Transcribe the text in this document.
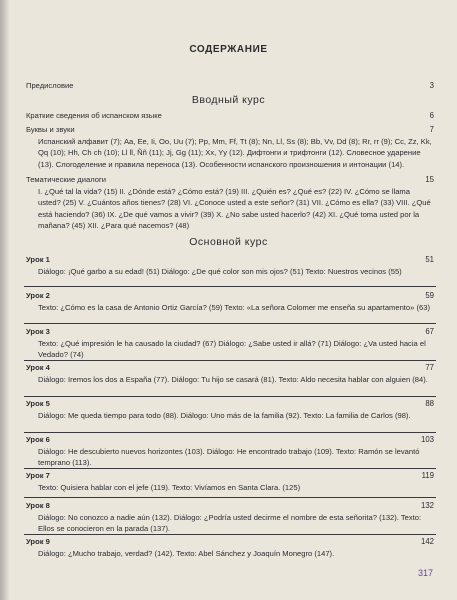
СОДЕРЖАНИЕ
Предисловие	3
Вводный курс
Краткие сведения об испанском языке	6
Буквы и звуки
Испанский алфавит (7); Aa, Ee, Ii, Oo, Uu (7); Pp, Mm, Ff, Tt (8); Nn, Ll, Ss (8); Bb, Vv, Dd (8); Rr, rr (9); Cc, Zz, Kk, Qq (10); Hh, Ch ch (10); Ll ll, Ññ (11); Jj, Gg (11); Xx, Yy (12). Дифтонги и трифтонги (12). Словесное ударение (13). Слогоделение и правила переноса (13). Особенности испанского произношения и интонации (14).
7
Тематические диалоги
I. ¿Qué tal la vida? (15) II. ¿Dónde está? ¿Cómo está? (19) III. ¿Quién es? ¿Qué es? (22) IV. ¿Cómo se llama usted? (25) V. ¿Cuántos años tienes? (28) VI. ¿Conoce usted a este señor? (31) VII. ¿Cómo es ella? (33) VIII. ¿Qué está haciendo? (36) IX. ¿De qué vamos a vivir? (39) X. ¿No sabe usted hacerlo? (42) XI. ¿Qué toma usted por la mañana? (45) XII. ¿Para qué nacemos? (48)
15
Основной курс
Урок 1
Diálogo: ¡Qué garbo a su edad! (51) Diálogo: ¿De qué color son mis ojos? (51) Texto: Nuestros vecinos (55)
51
Урок 2
Texto: ¿Cómo es la casa de Antonio Ortiz García? (59) Texto: «La señora Colomer me enseña su apartamento» (63)
59
Урок 3
Texto: ¿Qué impresión le ha causado la ciudad? (67) Diálogo: ¿Sabe usted ir allá? (71) Diálogo: ¿Va usted hacia el Vedado? (74)
67
Урок 4
Diálogo: Iremos los dos a España (77). Diálogo: Tu hijo se casará (81). Texto: Aldo necesita hablar con alguien (84).
77
Урок 5
Diálogo: Me queda tiempo para todo (88). Diálogo: Uno más de la familia (92). Texto: La familia de Carlos (98).
88
Урок 6
Diálogo: He descubierto nuevos horizontes (103). Diálogo: He encontrado trabajo (109). Texto: Ramón se levantó temprano (113).
103
Урок 7
Texto: Quisiera hablar con el jefe (119). Texto: Vivíamos en Santa Clara. (125)
119
Урок 8
Diálogo: No conozco a nadie aún (132). Diálogo: ¿Podría usted decirme el nombre de esta señorita? (132). Texto: Ellos se conocieron en la parada (137).
132
Урок 9
Diálogo: ¿Mucho trabajo, verdad? (142). Texto: Abel Sánchez y Joaquín Monegro (147).
142
317
